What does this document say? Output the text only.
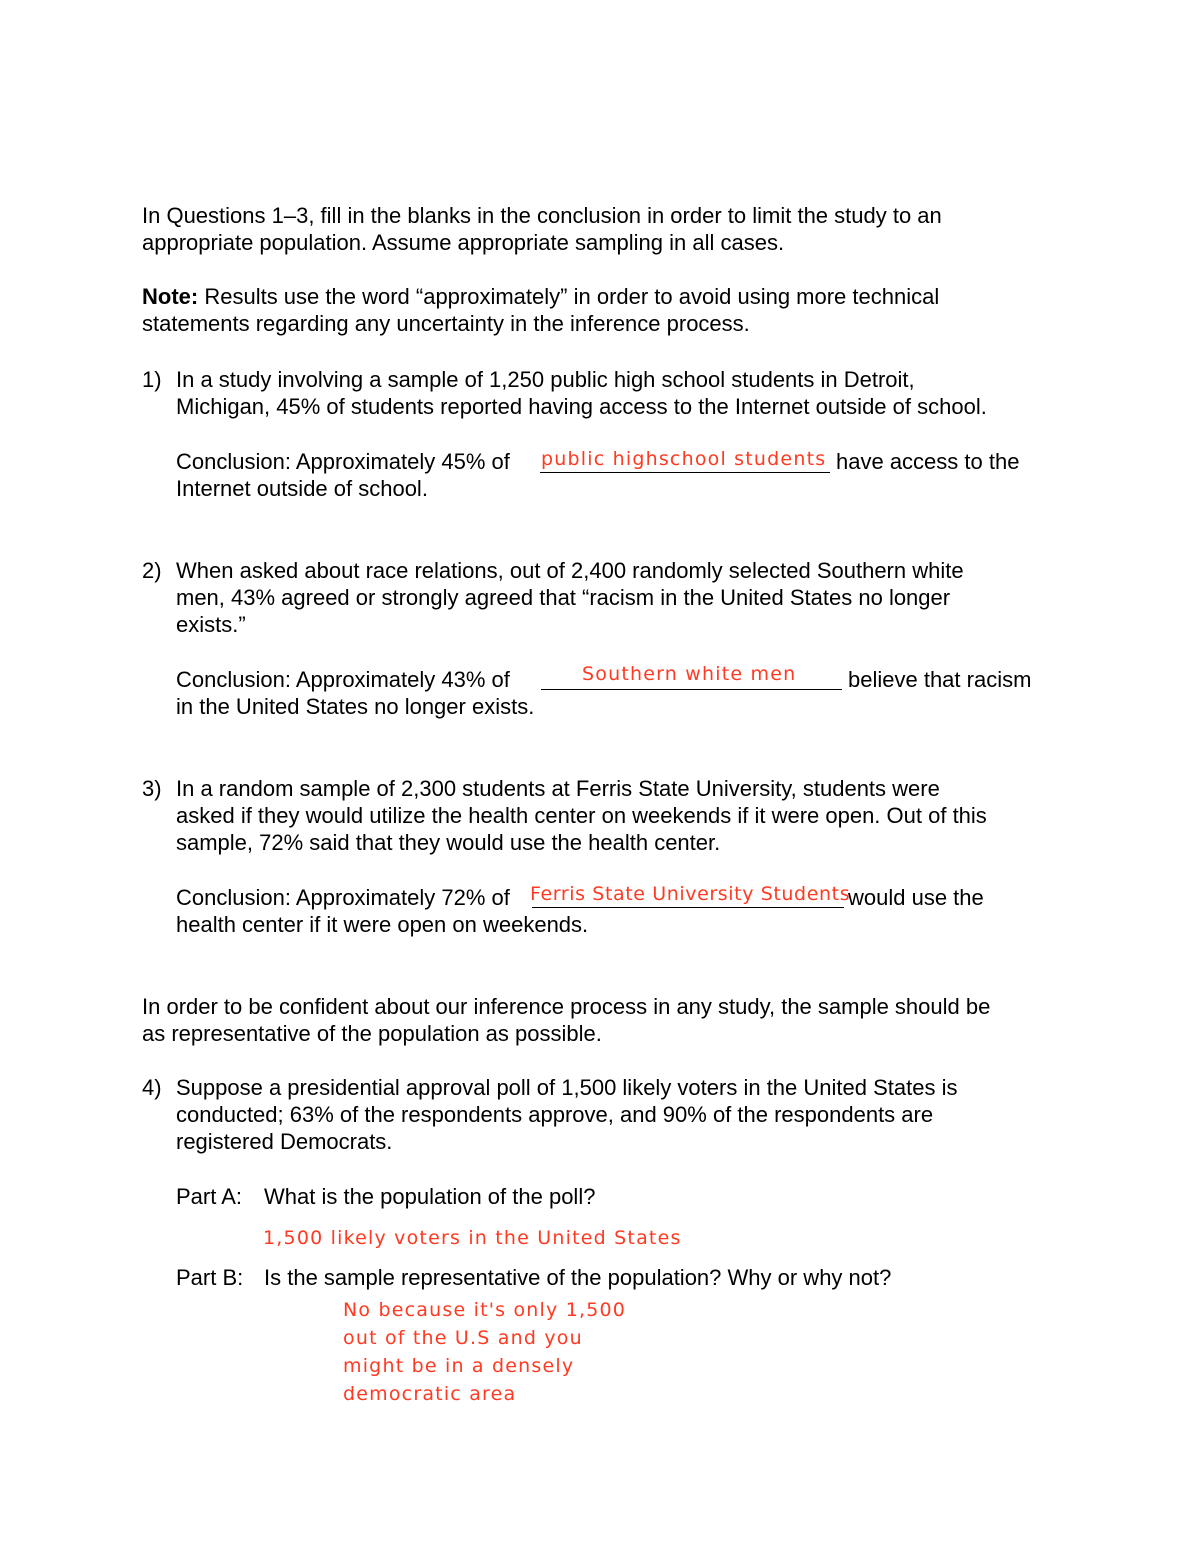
In Questions 1–3, fill in the blanks in the conclusion in order to limit the study to an

appropriate population. Assume appropriate sampling in all cases.

Note: Results use the word “approximately” in order to avoid using more technical

statements regarding any uncertainty in the inference process.

1) In a study involving a sample of 1,250 public high school students in Detroit,

Michigan, 45% of students reported having access to the Internet outside of school.

Conclusion: Approximately 45% of public highschool students have access to the

Internet outside of school.

2) When asked about race relations, out of 2,400 randomly selected Southern white

men, 43% agreed or strongly agreed that “racism in the United States no longer

exists.”

Conclusion: Approximately 43% of	Southern white men believe that racism

in the United States no longer exists.

3) In a random sample of 2,300 students at Ferris State University, students were

asked if they would utilize the health center on weekends if it were open. Out of this

sample, 72% said that they would use the health center.

Conclusion: Approximately 72% of Ferris State University Students

would use the

health center if it were open on weekends.

In order to be confident about our inference process in any study, the sample should be

as representative of the population as possible.

4) Suppose a presidential approval poll of 1,500 likely voters in the United States is

conducted; 63% of the respondents approve, and 90% of the respondents are

registered Democrats.

Part A: What is the population of the poll?

1,500 likely voters in the United States

Part B: Is the sample representative of the population? Why or why not?

No because it's only 1,500
out of the U.S and you
might be in a densely
democratic area
